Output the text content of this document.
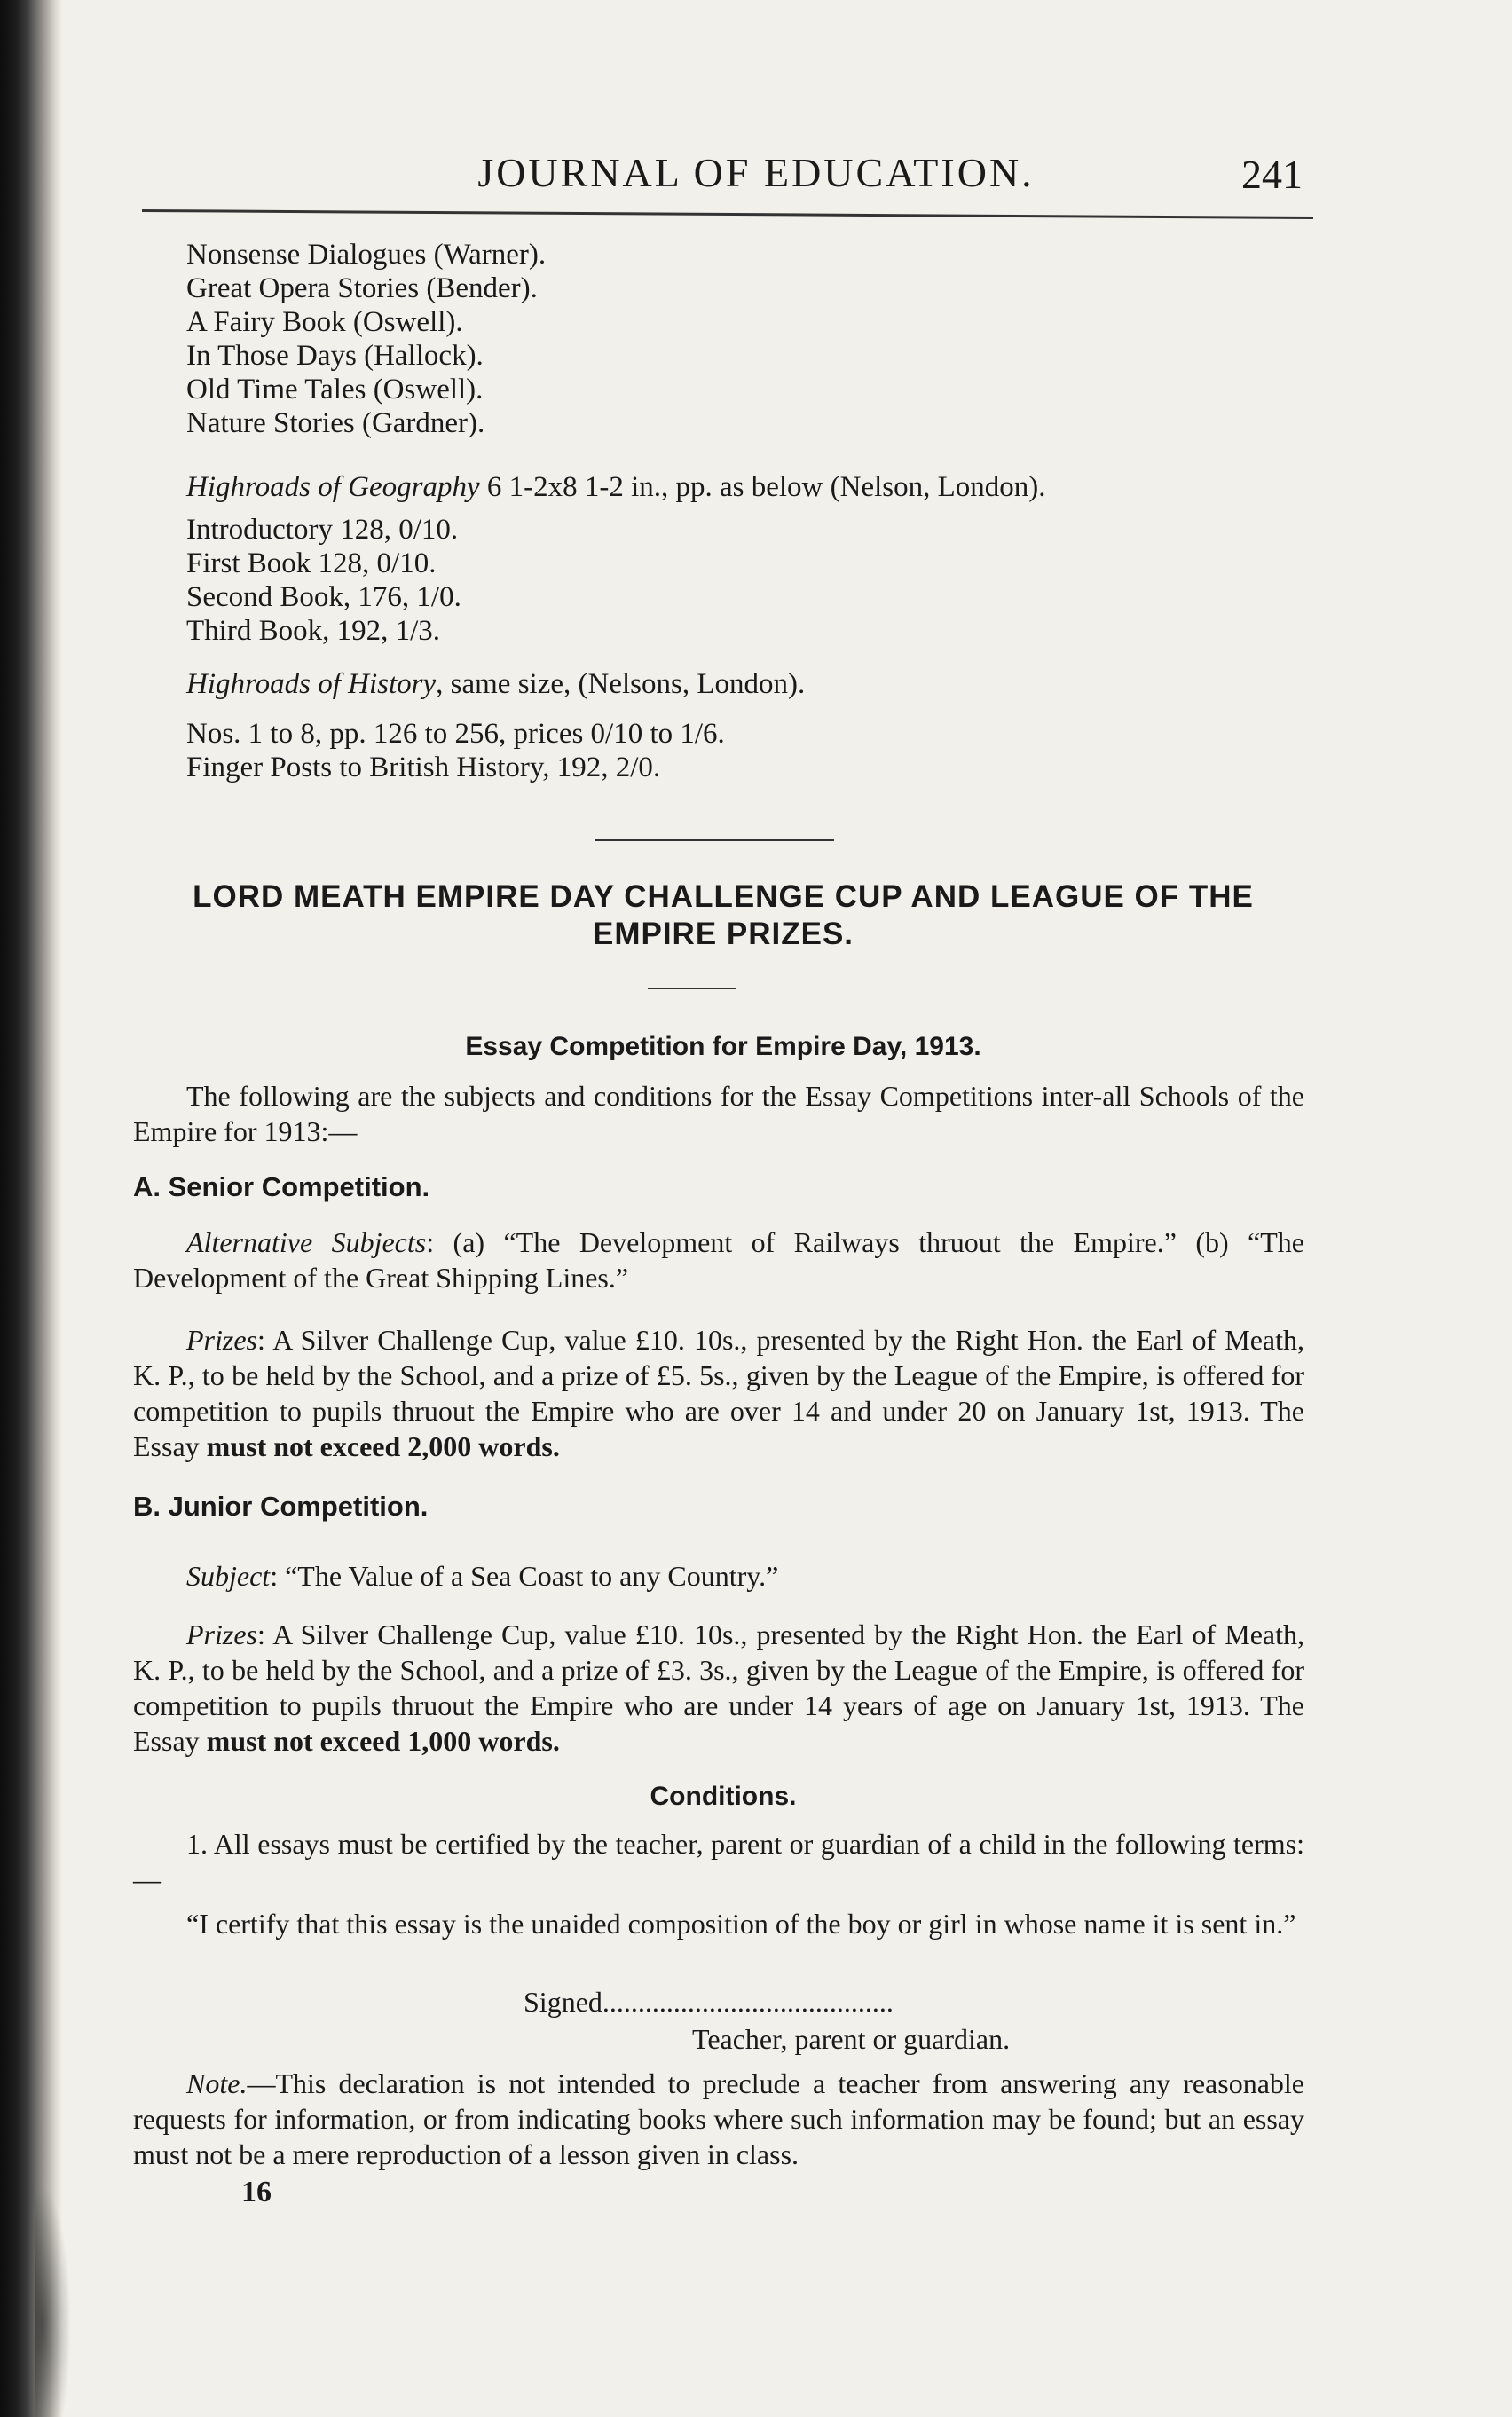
JOURNAL OF EDUCATION.	241
Nonsense Dialogues (Warner).
Great Opera Stories (Bender).
A Fairy Book (Oswell).
In Those Days (Hallock).
Old Time Tales (Oswell).
Nature Stories (Gardner).
Highroads of Geography 6 1-2x8 1-2 in., pp. as below (Nelson, London).
Introductory 128, 0/10.
First Book 128, 0/10.
Second Book, 176, 1/0.
Third Book, 192, 1/3.
Highroads of History, same size, (Nelsons, London).
Nos. 1 to 8, pp. 126 to 256, prices 0/10 to 1/6.
Finger Posts to British History, 192, 2/0.
LORD MEATH EMPIRE DAY CHALLENGE CUP AND LEAGUE OF THE
EMPIRE PRIZES.
Essay Competition for Empire Day, 1913.
The following are the subjects and conditions for the Essay Competitions inter-all Schools of the Empire for 1913:—
A. Senior Competition.
Alternative Subjects: (a) “The Development of Railways thruout the Empire.” (b) “The Development of the Great Shipping Lines.”
Prizes: A Silver Challenge Cup, value £10. 10s., presented by the Right Hon. the Earl of Meath, K. P., to be held by the School, and a prize of £5. 5s., given by the League of the Empire, is offered for competition to pupils thruout the Empire who are over 14 and under 20 on January 1st, 1913. The Essay must not exceed 2,000 words.
B. Junior Competition.
Subject: “The Value of a Sea Coast to any Country.”
Prizes: A Silver Challenge Cup, value £10. 10s., presented by the Right Hon. the Earl of Meath, K. P., to be held by the School, and a prize of £3. 3s., given by the League of the Empire, is offered for competition to pupils thruout the Empire who are under 14 years of age on January 1st, 1913. The Essay must not exceed 1,000 words.
Conditions.
1. All essays must be certified by the teacher, parent or guardian of a child in the following terms:—
“I certify that this essay is the unaided composition of the boy or girl in whose name it is sent in.”
Signed.........................................
Teacher, parent or guardian.
Note.—This declaration is not intended to preclude a teacher from answering any reasonable requests for information, or from indicating books where such information may be found; but an essay must not be a mere reproduction of a lesson given in class.
16
